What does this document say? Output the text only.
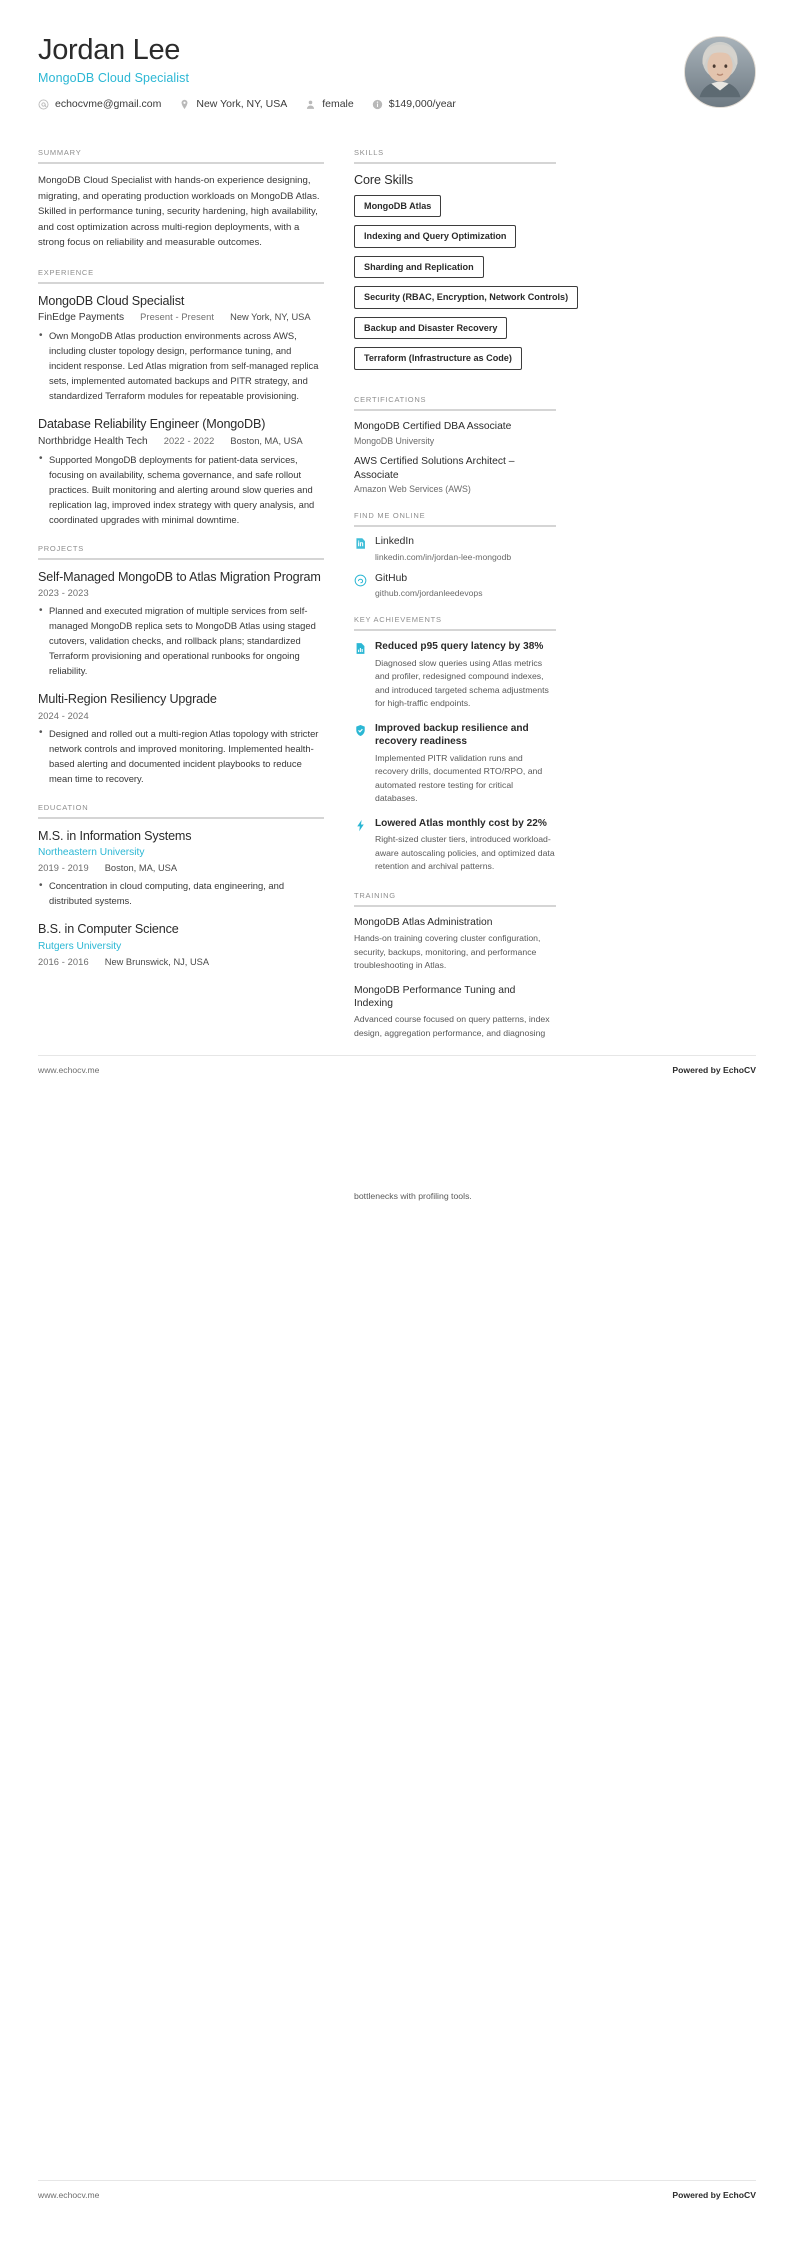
Jordan Lee
MongoDB Cloud Specialist
echocvme@gmail.com	New York, NY, USA	female	$149,000/year
SUMMARY
MongoDB Cloud Specialist with hands-on experience designing, migrating, and operating production workloads on MongoDB Atlas. Skilled in performance tuning, security hardening, high availability, and cost optimization across multi-region deployments, with a strong focus on reliability and measurable outcomes.
EXPERIENCE
MongoDB Cloud Specialist
FinEdge Payments Present - Present New York, NY, USA
• Own MongoDB Atlas production environments across AWS, including cluster topology design, performance tuning, and incident response. Led Atlas migration from self-managed replica sets, implemented automated backups and PITR strategy, and standardized Terraform modules for repeatable provisioning.
Database Reliability Engineer (MongoDB)
Northbridge Health Tech 2022 - 2022 Boston, MA, USA
• Supported MongoDB deployments for patient-data services, focusing on availability, schema governance, and safe rollout practices. Built monitoring and alerting around slow queries and replication lag, improved index strategy with query analysis, and coordinated upgrades with minimal downtime.
PROJECTS
Self-Managed MongoDB to Atlas Migration Program
2023 - 2023
• Planned and executed migration of multiple services from self-managed MongoDB replica sets to MongoDB Atlas using staged cutovers, validation checks, and rollback plans; standardized Terraform provisioning and operational runbooks for ongoing reliability.
Multi-Region Resiliency Upgrade
2024 - 2024
• Designed and rolled out a multi-region Atlas topology with stricter network controls and improved monitoring. Implemented health-based alerting and documented incident playbooks to reduce mean time to recovery.
EDUCATION
M.S. in Information Systems
Northeastern University
2019 - 2019 Boston, MA, USA
• Concentration in cloud computing, data engineering, and distributed systems.
B.S. in Computer Science
Rutgers University
2016 - 2016 New Brunswick, NJ, USA
SKILLS
Core Skills
MongoDB Atlas Indexing and Query Optimization Sharding and Replication Security (RBAC, Encryption, Network Controls) Backup and Disaster Recovery Terraform (Infrastructure as Code)
CERTIFICATIONS
MongoDB Certified DBA Associate
MongoDB University
AWS Certified Solutions Architect – Associate
Amazon Web Services (AWS)
FIND ME ONLINE
LinkedIn
linkedin.com/in/jordan-lee-mongodb
GitHub
github.com/jordanleedevops
KEY ACHIEVEMENTS
Reduced p95 query latency by 38%
Diagnosed slow queries using Atlas metrics and profiler, redesigned compound indexes, and introduced targeted schema adjustments for high-traffic endpoints.
Improved backup resilience and recovery readiness
Implemented PITR validation runs and recovery drills, documented RTO/RPO, and automated restore testing for critical databases.
Lowered Atlas monthly cost by 22%
Right-sized cluster tiers, introduced workload-aware autoscaling policies, and optimized data retention and archival patterns.
TRAINING
MongoDB Atlas Administration
Hands-on training covering cluster configuration, security, backups, monitoring, and performance troubleshooting in Atlas.
MongoDB Performance Tuning and Indexing
Advanced course focused on query patterns, index design, aggregation performance, and diagnosing
www.echocv.me	Powered by EchoCV
bottlenecks with profiling tools.
www.echocv.me	Powered by EchoCV
